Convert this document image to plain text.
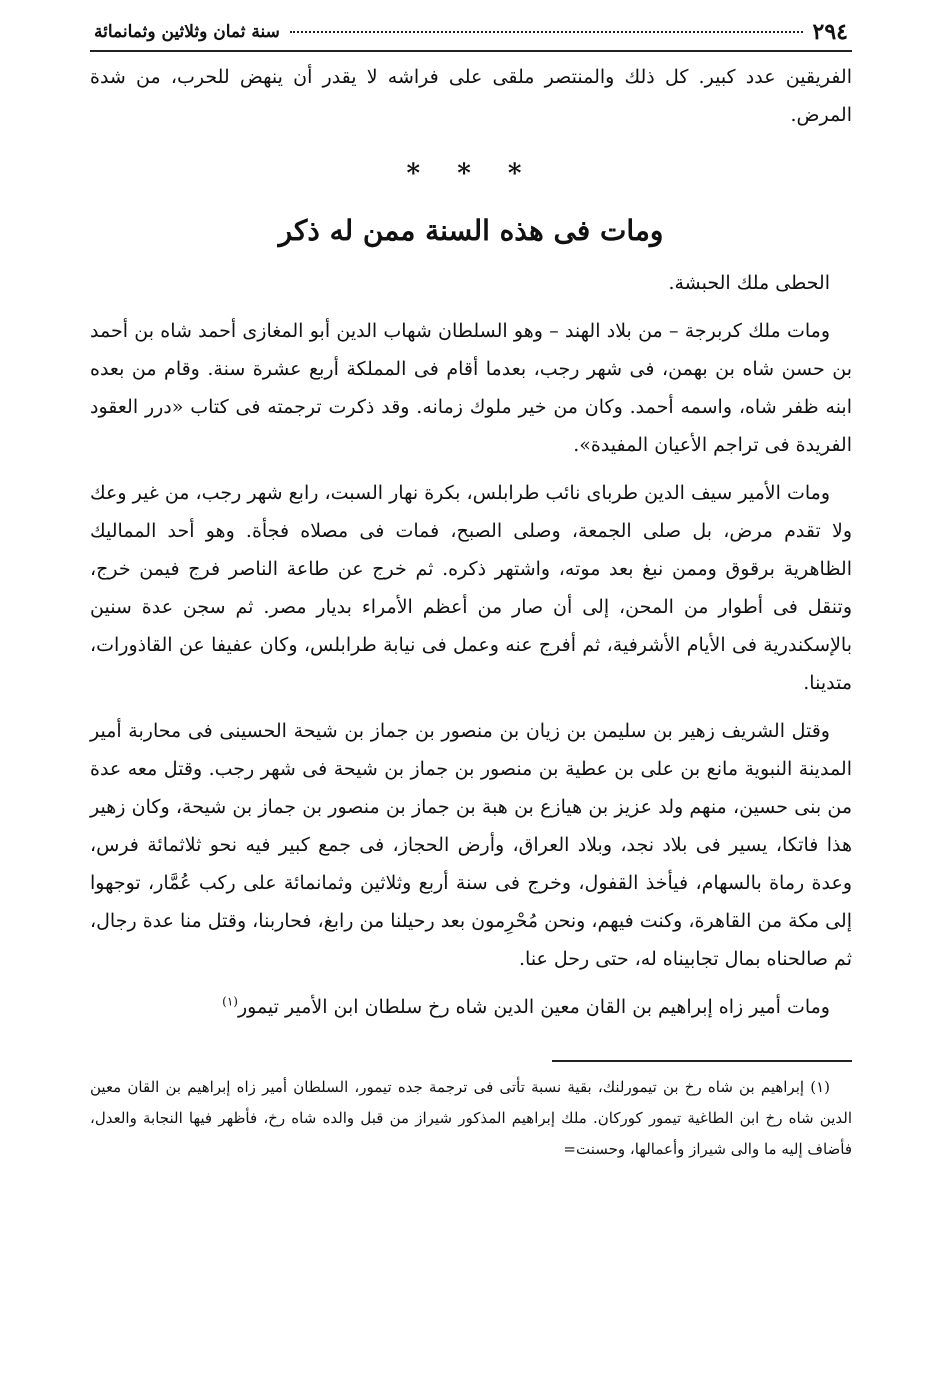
٢٩٤
سنة ثمان وثلاثين وثمانمائة

الفريقين عدد كبير. كل ذلك والمنتصر ملقى على فراشه لا يقدر أن ينهض للحرب، من شدة المرض.

* * *
ومات فى هذه السنة ممن له ذكر

الحطى ملك الحبشة.

ومات ملك كربرجة – من بلاد الهند – وهو السلطان شهاب الدين أبو المغازى أحمد شاه بن أحمد بن حسن شاه بن بهمن، فى شهر رجب، بعدما أقام فى المملكة أربع عشرة سنة. وقام من بعده ابنه ظفر شاه، واسمه أحمد. وكان من خير ملوك زمانه. وقد ذكرت ترجمته فى كتاب «درر العقود الفريدة فى تراجم الأعيان المفيدة».

ومات الأمير سيف الدين طرباى نائب طرابلس، بكرة نهار السبت، رابع شهر رجب، من غير وعك ولا تقدم مرض، بل صلى الجمعة، وصلى الصبح، فمات فى مصلاه فجأة. وهو أحد المماليك الظاهرية برقوق وممن نبغ بعد موته، واشتهر ذكره. ثم خرج عن طاعة الناصر فرج فيمن خرج، وتنقل فى أطوار من المحن، إلى أن صار من أعظم الأمراء بديار مصر. ثم سجن عدة سنين بالإسكندرية فى الأيام الأشرفية، ثم أفرج عنه وعمل فى نيابة طرابلس، وكان عفيفا عن القاذورات، متدينا.

وقتل الشريف زهير بن سليمن بن زيان بن منصور بن جماز بن شيحة الحسينى فى محاربة أمير المدينة النبوية مانع بن على بن عطية بن منصور بن جماز بن شيحة فى شهر رجب. وقتل معه عدة من بنى حسين، منهم ولد عزيز بن هيازع بن هبة بن جماز بن منصور بن جماز بن شيحة، وكان زهير هذا فاتكا، يسير فى بلاد نجد، وبلاد العراق، وأرض الحجاز، فى جمع كبير فيه نحو ثلاثمائة فرس، وعدة رماة بالسهام، فيأخذ القفول، وخرج فى سنة أربع وثلاثين وثمانمائة على ركب عُمَّار، توجهوا إلى مكة من القاهرة، وكنت فيهم، ونحن مُحْرِمون بعد رحيلنا من رابغ، فحاربنا، وقتل منا عدة رجال، ثم صالحناه بمال تجابيناه له، حتى رحل عنا.

ومات أمير زاه إبراهيم بن القان معين الدين شاه رخ سلطان ابن الأمير تيمور$^{(١)}$

(١) إبراهيم بن شاه رخ بن تيمورلنك، بقية نسبة تأتى فى ترجمة جده تيمور، السلطان أمير زاه إبراهيم بن القان معين الدين شاه رخ ابن الطاغية تيمور كوركان. ملك إبراهيم المذكور شيراز من قبل والده شاه رخ، فأظهر فيها النجابة والعدل، فأضاف إليه ما والى شيراز وأعمالها، وحسنت=
